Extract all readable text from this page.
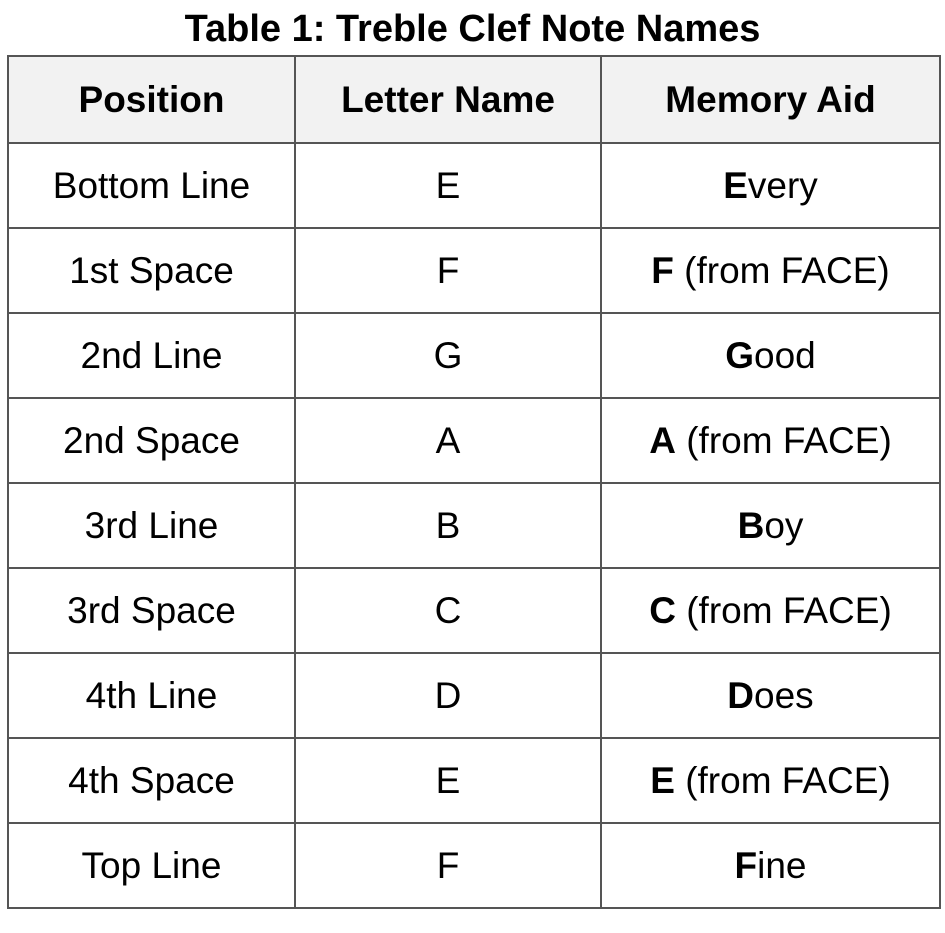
Table 1: Treble Clef Note Names
Position	Letter Name	Memory Aid
Bottom Line	E	Every
1st Space	F	F (from FACE)
2nd Line	G	Good
2nd Space	A	A (from FACE)
3rd Line	B	Boy
3rd Space	C	C (from FACE)
4th Line	D	Does
4th Space	E	E (from FACE)
Top Line	F	Fine
